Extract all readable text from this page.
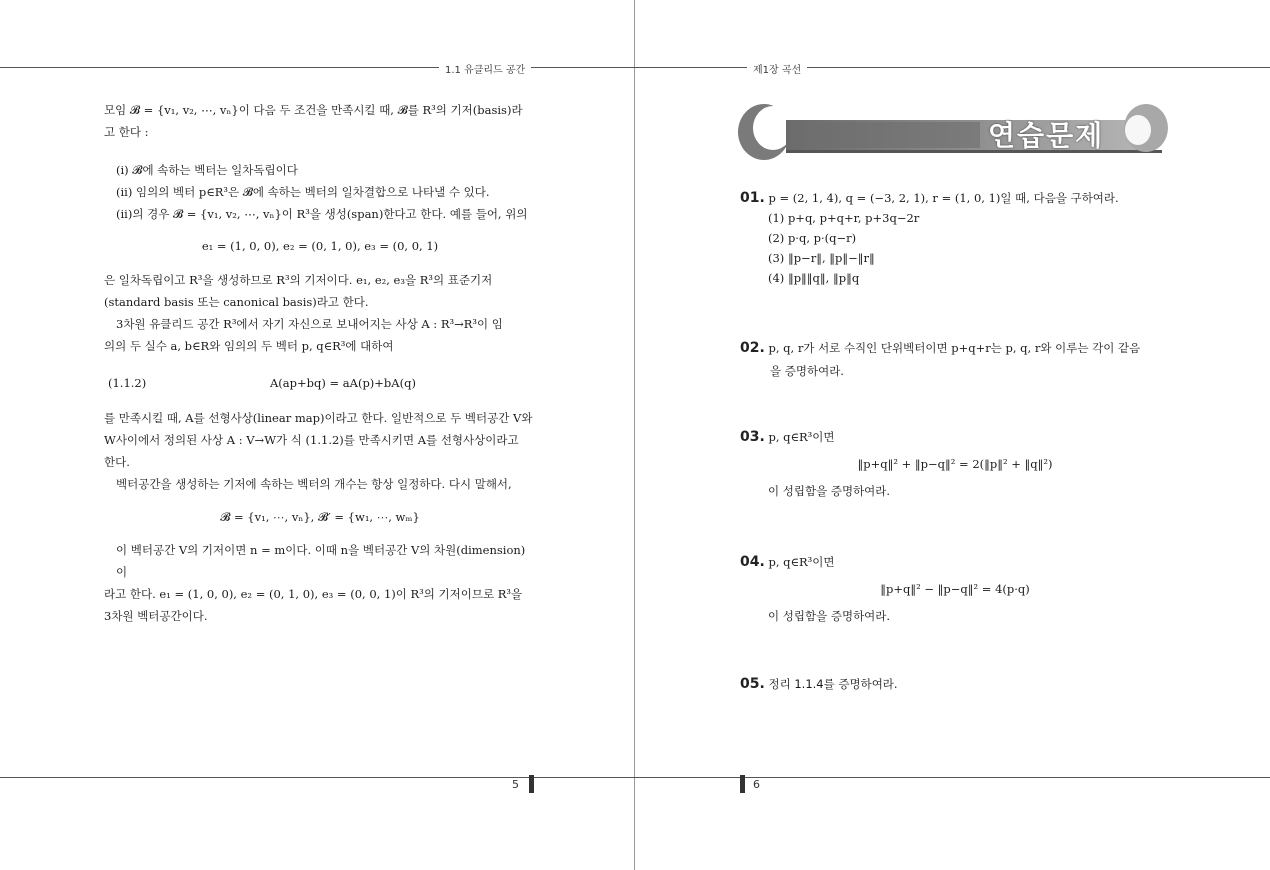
1.1 유클리드 공간	제1장 곡선

모임 𝓑 = {v₁, v₂, ⋯, vₙ}이 다음 두 조건을 만족시킬 때, 𝓑를 R³의 기저(basis)라

고 한다 :

(i) 𝓑에 속하는 벡터는 일차독립이다

(ii) 임의의 벡터 p∈R³은 𝓑에 속하는 벡터의 일차결합으로 나타낼 수 있다.

(ii)의 경우 𝓑 = {v₁, v₂, ⋯, vₙ}이 R³을 생성(span)한다고 한다. 예를 들어, 위의

e₁ = (1, 0, 0), e₂ = (0, 1, 0), e₃ = (0, 0, 1)

은 일차독립이고 R³을 생성하므로 R³의 기저이다. e₁, e₂, e₃을 R³의 표준기저

(standard basis 또는 canonical basis)라고 한다.

3차원 유클리드 공간 R³에서 자기 자신으로 보내어지는 사상 A : R³→R³이 임

의의 두 실수 a, b∈R와 임의의 두 벡터 p, q∈R³에 대하여

(1.1.2)	A(ap+bq) = aA(p)+bA(q)

를 만족시킬 때, A를 선형사상(linear map)이라고 한다. 일반적으로 두 벡터공간 V와

W사이에서 정의된 사상 A : V→W가 식 (1.1.2)를 만족시키면 A를 선형사상이라고

한다.

벡터공간을 생성하는 기저에 속하는 벡터의 개수는 항상 일정하다. 다시 말해서,

𝓑 = {v₁, ⋯, vₙ}, 𝓑′ = {w₁, ⋯, wₘ}

이 벡터공간 V의 기저이면 n = m이다. 이때 n을 벡터공간 V의 차원(dimension)이

라고 한다. e₁ = (1, 0, 0), e₂ = (0, 1, 0), e₃ = (0, 0, 1)이 R³의 기저이므로 R³을

3차원 벡터공간이다.

5
연습문제
01. p = (2, 1, 4), q = (−3, 2, 1), r = (1, 0, 1)일 때, 다음을 구하여라.
(1) p+q, p+q+r, p+3q−2r
(2) p·q, p·(q−r)
(3) ‖p−r‖, ‖p‖−‖r‖
(4) ‖p‖‖q‖, ‖p‖q
02. p, q, r가 서로 수직인 단위벡터이면 p+q+r는 p, q, r와 이루는 각이 같음
을 증명하여라.
03. p, q∈R³이면
‖p+q‖² + ‖p−q‖² = 2(‖p‖² + ‖q‖²)
이 성립함을 증명하여라.
04. p, q∈R³이면
‖p+q‖² − ‖p−q‖² = 4(p·q)
이 성립함을 증명하여라.
05. 정리 1.1.4를 증명하여라.
6
